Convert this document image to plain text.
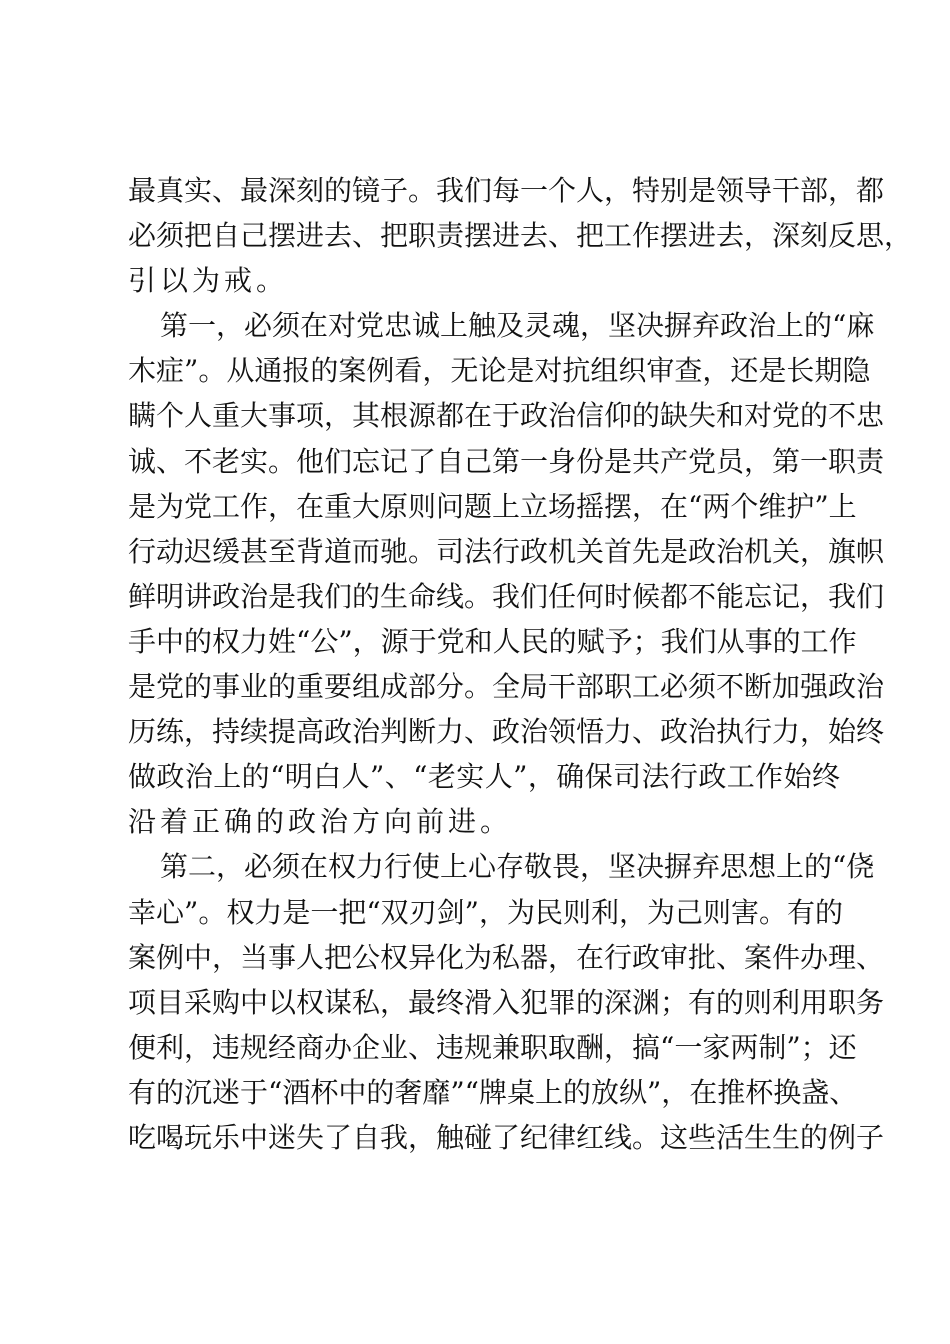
最真实、最深刻的镜子。我们每一个人，特别是领导干部，都
必须把自己摆进去、把职责摆进去、把工作摆进去，深刻反思，
引以为戒。
第一，必须在对党忠诚上触及灵魂，坚决摒弃政治上的“麻
木症”。从通报的案例看，无论是对抗组织审查，还是长期隐
瞒个人重大事项，其根源都在于政治信仰的缺失和对党的不忠
诚、不老实。他们忘记了自己第一身份是共产党员，第一职责
是为党工作，在重大原则问题上立场摇摆，在“两个维护”上
行动迟缓甚至背道而驰。司法行政机关首先是政治机关，旗帜
鲜明讲政治是我们的生命线。我们任何时候都不能忘记，我们
手中的权力姓“公”，源于党和人民的赋予；我们从事的工作
是党的事业的重要组成部分。全局干部职工必须不断加强政治
历练，持续提高政治判断力、政治领悟力、政治执行力，始终
做政治上的“明白人”、“老实人”，确保司法行政工作始终
沿着正确的政治方向前进。
第二，必须在权力行使上心存敬畏，坚决摒弃思想上的“侥
幸心”。权力是一把“双刃剑”，为民则利，为己则害。有的
案例中，当事人把公权异化为私器，在行政审批、案件办理、
项目采购中以权谋私，最终滑入犯罪的深渊；有的则利用职务
便利，违规经商办企业、违规兼职取酬，搞“一家两制”；还
有的沉迷于“酒杯中的奢靡”“牌桌上的放纵”，在推杯换盏、
吃喝玩乐中迷失了自我，触碰了纪律红线。这些活生生的例子
